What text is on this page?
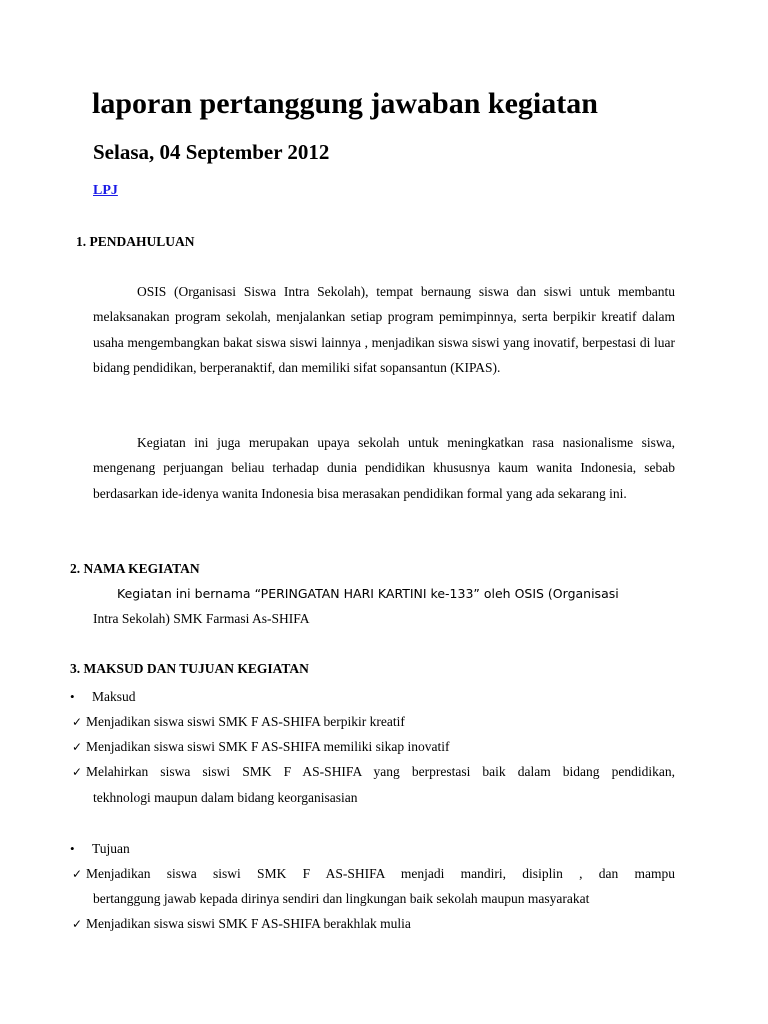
laporan pertanggung jawaban kegiatan
Selasa, 04 September 2012
LPJ
1. PENDAHULUAN
OSIS (Organisasi Siswa Intra Sekolah), tempat bernaung siswa dan siswi untuk membantu melaksanakan program sekolah, menjalankan setiap program pemimpinnya, serta berpikir kreatif dalam usaha mengembangkan bakat siswa siswi lainnya , menjadikan siswa siswi yang inovatif, berpestasi di luar bidang pendidikan, berperanaktif, dan memiliki sifat sopansantun (KIPAS).
Kegiatan ini juga merupakan upaya sekolah untuk meningkatkan rasa nasionalisme siswa, mengenang perjuangan beliau terhadap dunia pendidikan khususnya kaum wanita Indonesia, sebab berdasarkan ide-idenya wanita Indonesia bisa merasakan pendidikan formal yang ada sekarang ini.
2. NAMA KEGIATAN
Kegiatan ini bernama “PERINGATAN HARI KARTINI ke-133” oleh OSIS (Organisasi
Intra Sekolah) SMK Farmasi As-SHIFA
3. MAKSUD DAN TUJUAN KEGIATAN
• Maksud
✓ Menjadikan siswa siswi SMK F AS-SHIFA berpikir kreatif
✓ Menjadikan siswa siswi SMK F AS-SHIFA memiliki sikap inovatif
✓ Melahirkan siswa siswi SMK F AS-SHIFA yang berprestasi baik dalam bidang pendidikan,
tekhnologi maupun dalam bidang keorganisasian
• Tujuan
✓ Menjadikan siswa siswi SMK F AS-SHIFA menjadi mandiri, disiplin , dan mampu
bertanggung jawab kepada dirinya sendiri dan lingkungan baik sekolah maupun masyarakat
✓ Menjadikan siswa siswi SMK F AS-SHIFA berakhlak mulia
